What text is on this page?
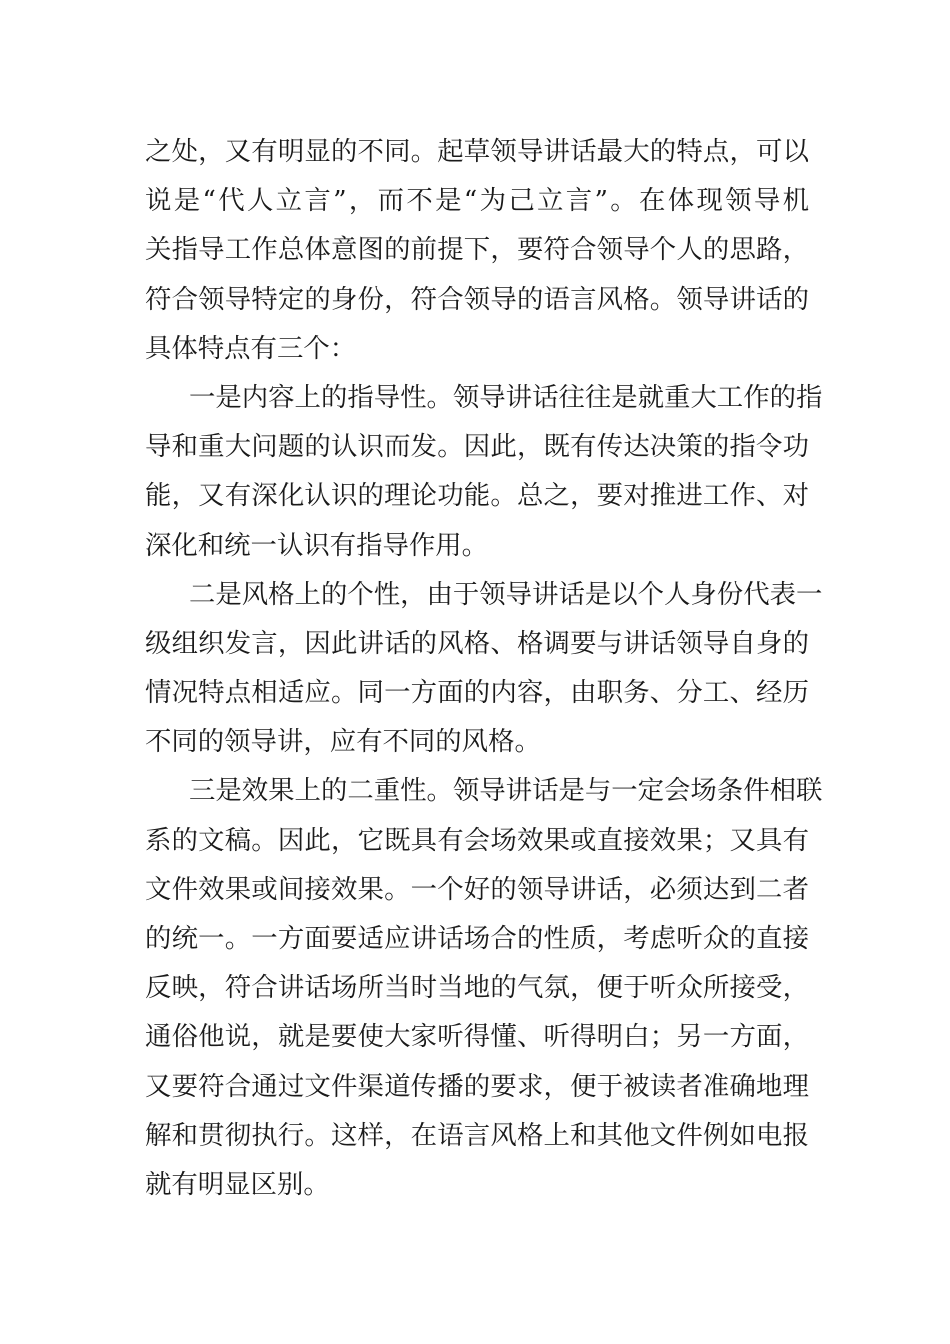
之处，又有明显的不同。起草领导讲话最大的特点，可以
说是“代人立言”，而不是“为己立言”。在体现领导机
关指导工作总体意图的前提下，要符合领导个人的思路，
符合领导特定的身份，符合领导的语言风格。领导讲话的
具体特点有三个：
一是内容上的指导性。领导讲话往往是就重大工作的指
导和重大问题的认识而发。因此，既有传达决策的指令功
能，又有深化认识的理论功能。总之，要对推进工作、对
深化和统一认识有指导作用。
二是风格上的个性，由于领导讲话是以个人身份代表一
级组织发言，因此讲话的风格、格调要与讲话领导自身的
情况特点相适应。同一方面的内容，由职务、分工、经历
不同的领导讲，应有不同的风格。
三是效果上的二重性。领导讲话是与一定会场条件相联
系的文稿。因此，它既具有会场效果或直接效果；又具有
文件效果或间接效果。一个好的领导讲话，必须达到二者
的统一。一方面要适应讲话场合的性质，考虑听众的直接
反映，符合讲话场所当时当地的气氛，便于听众所接受，
通俗他说，就是要使大家听得懂、听得明白；另一方面，
又要符合通过文件渠道传播的要求，便于被读者准确地理
解和贯彻执行。这样，在语言风格上和其他文件例如电报
就有明显区别。
